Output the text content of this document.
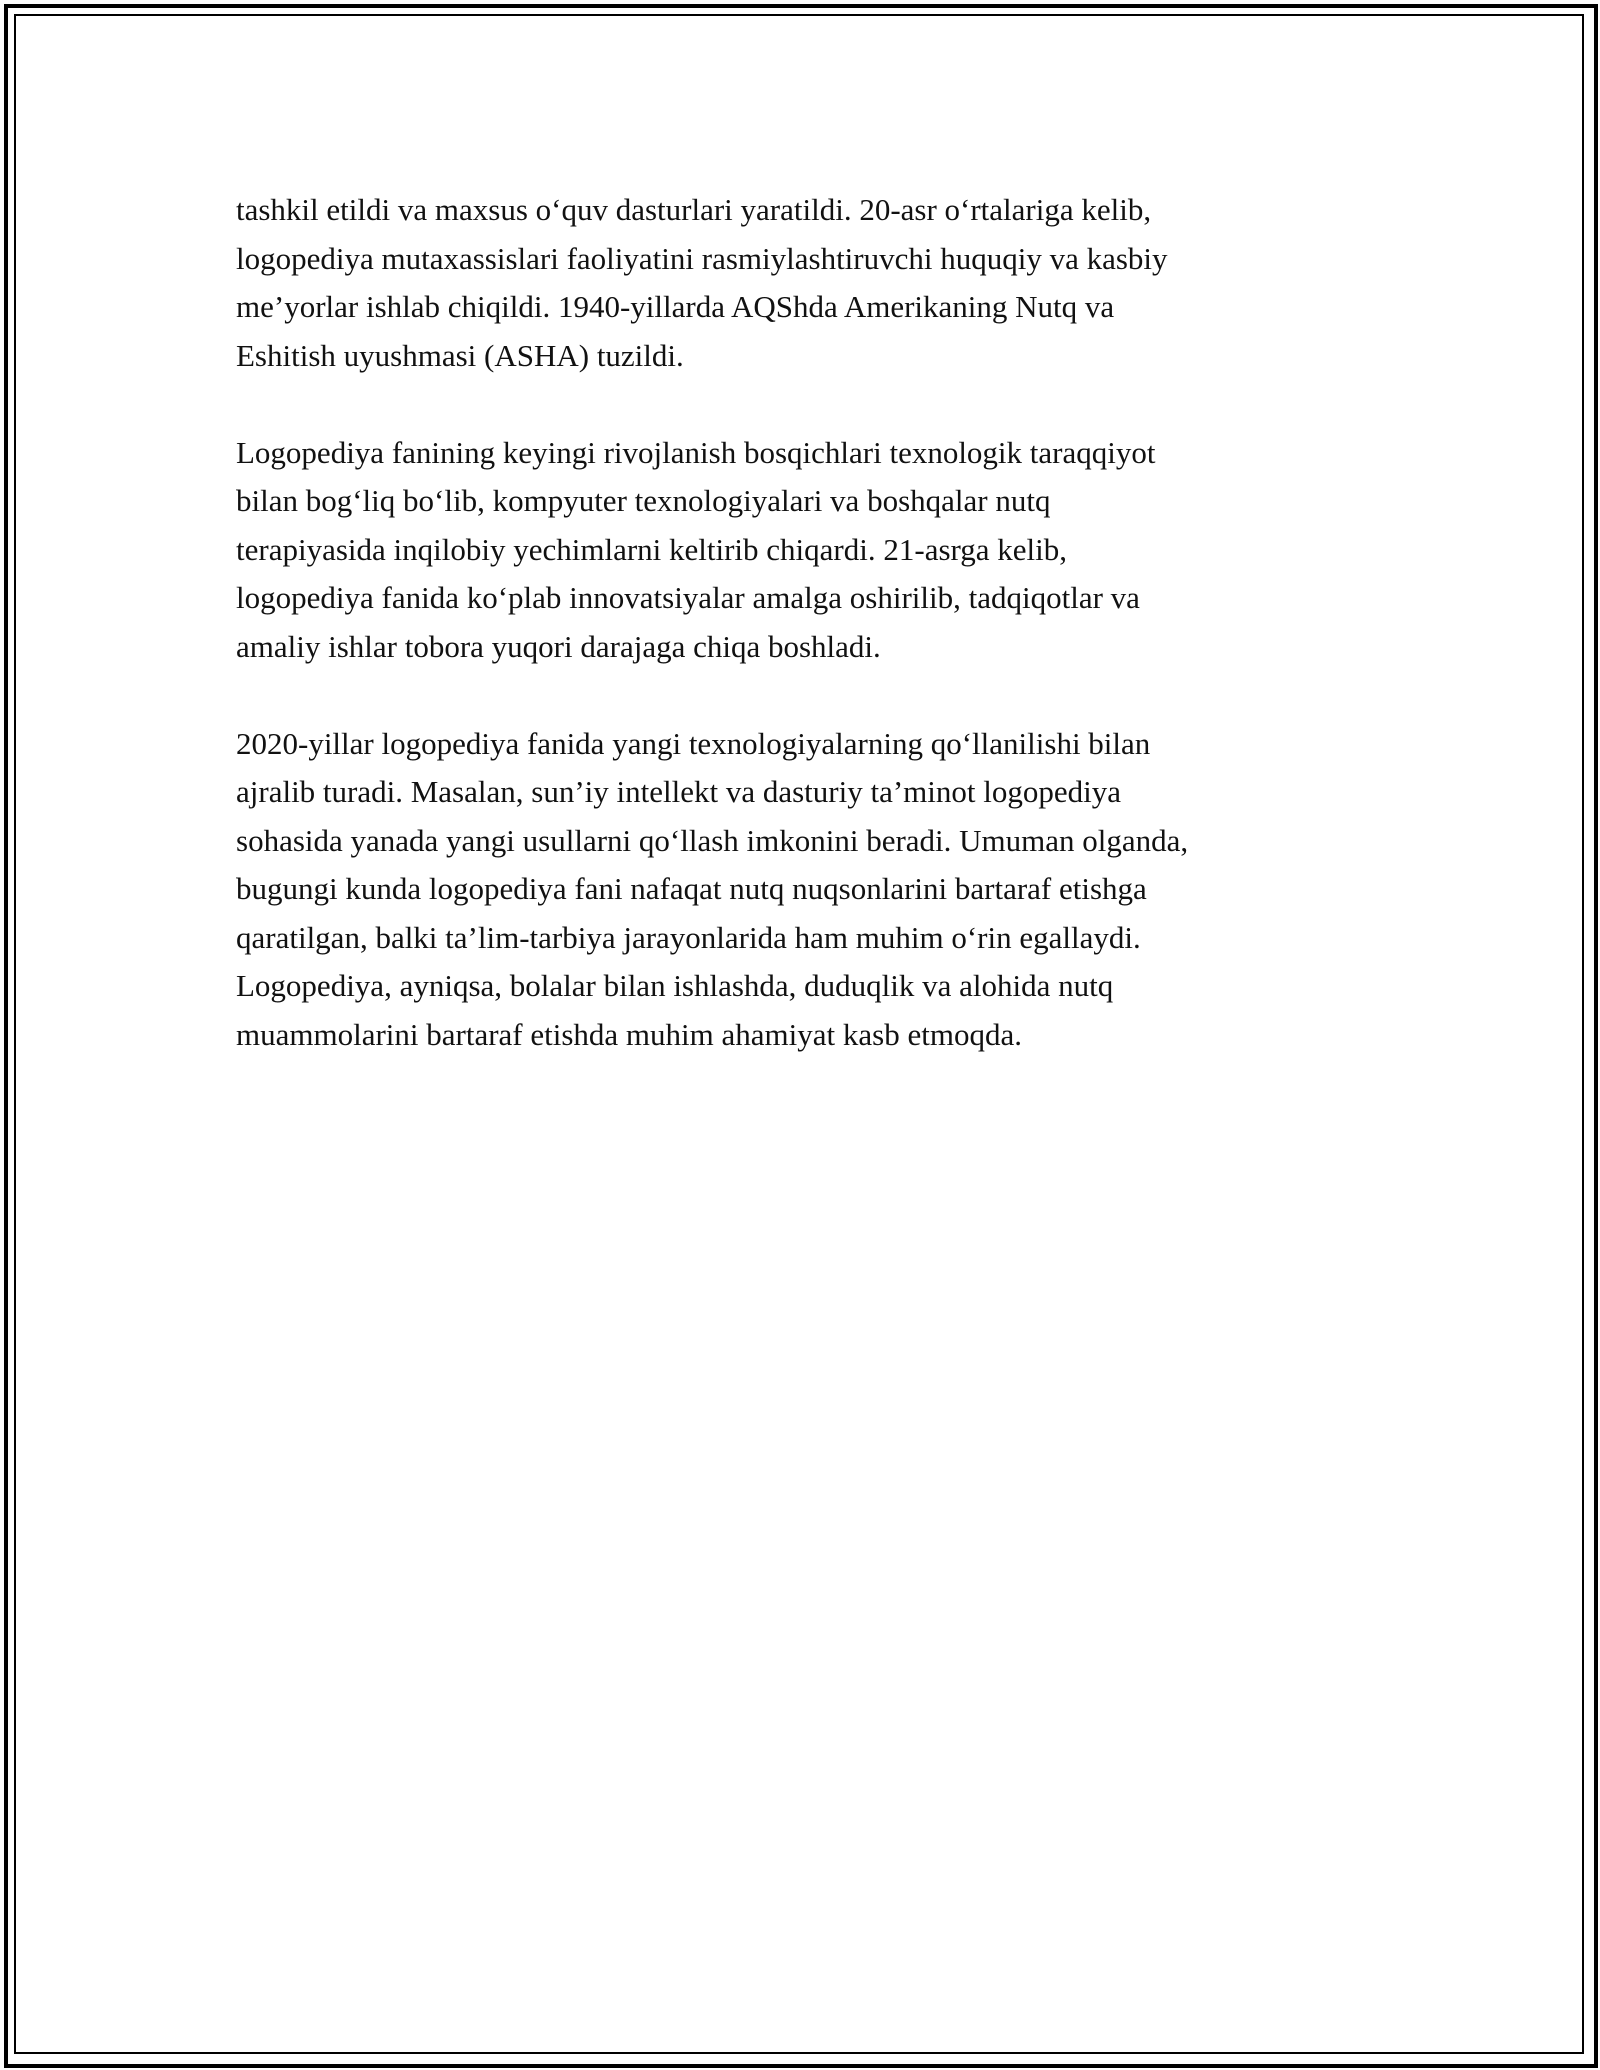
tashkil etildi va maxsus o‘quv dasturlari yaratildi. 20-asr o‘rtalariga kelib,
logopediya mutaxassislari faoliyatini rasmiylashtiruvchi huquqiy va kasbiy
me’yorlar ishlab chiqildi. 1940-yillarda AQShda Amerikaning Nutq va
Eshitish uyushmasi (ASHA) tuzildi.

Logopediya fanining keyingi rivojlanish bosqichlari texnologik taraqqiyot
bilan bog‘liq bo‘lib, kompyuter texnologiyalari va boshqalar nutq
terapiyasida inqilobiy yechimlarni keltirib chiqardi. 21-asrga kelib,
logopediya fanida ko‘plab innovatsiyalar amalga oshirilib, tadqiqotlar va
amaliy ishlar tobora yuqori darajaga chiqa boshladi.

2020-yillar logopediya fanida yangi texnologiyalarning qo‘llanilishi bilan
ajralib turadi. Masalan, sun’iy intellekt va dasturiy ta’minot logopediya
sohasida yanada yangi usullarni qo‘llash imkonini beradi. Umuman olganda,
bugungi kunda logopediya fani nafaqat nutq nuqsonlarini bartaraf etishga
qaratilgan, balki ta’lim-tarbiya jarayonlarida ham muhim o‘rin egallaydi.
Logopediya, ayniqsa, bolalar bilan ishlashda, duduqlik va alohida nutq
muammolarini bartaraf etishda muhim ahamiyat kasb etmoqda.
